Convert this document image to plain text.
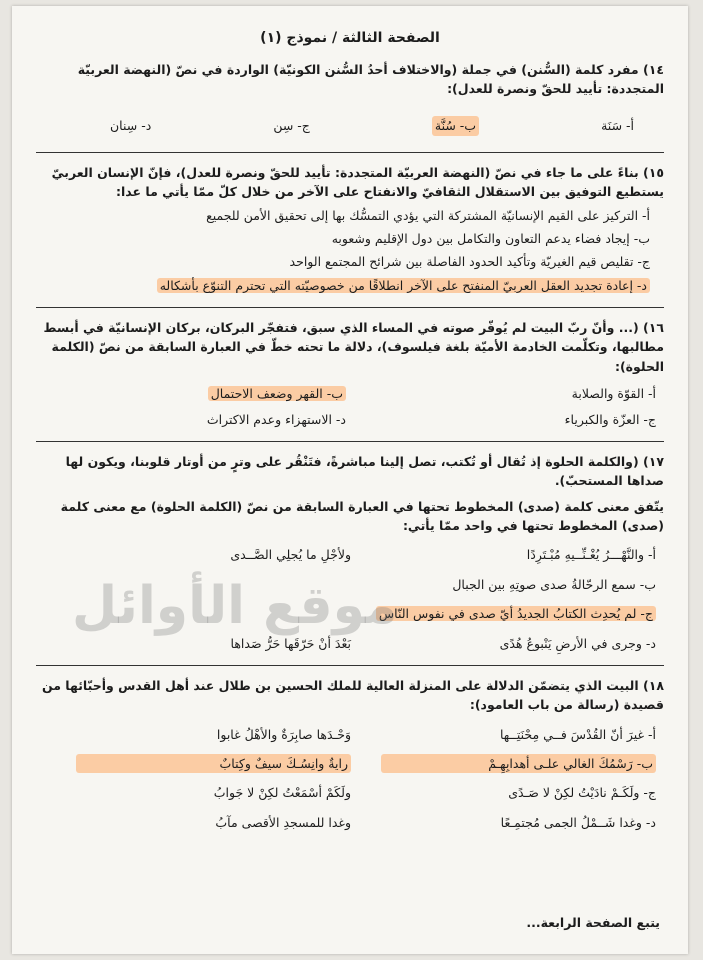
الصفحة الثالثة / نموذج (١)

١٤) مفرد كلمة (السُّنن) في جملة (والاختلاف أحدُ السُّنن الكونيّة) الواردة في نصّ (النهضة العربيّة المتجددة: تأييد للحقّ ونصرة للعدل):

أ- سَنَة
ب- سُنَّة
ج- سِن
د- سِنان

١٥) بناءً على ما جاء في نصّ (النهضة العربيّة المتجددة: تأييد للحقّ ونصرة للعدل)، فإنّ الإنسان العربيّ يستطيع التوفيق بين الاستقلال الثقافيّ والانفتاح على الآخر من خلال كلّ ممّا يأتي ما عدا:

أ- التركيز على القيم الإنسانيّة المشتركة التي يؤدي التمسُّك بها إلى تحقيق الأمن للجميع
ب- إيجاد فضاء يدعم التعاون والتكامل بين دول الإقليم وشعوبه
ج- تقليص قيم الغيريّة وتأكيد الحدود الفاصلة بين شرائح المجتمع الواحد
د- إعادة تجديد العقل العربيّ المنفتح على الآخر انطلاقًا من خصوصيّته التي تحترم التنوّع بأشكاله

١٦) (... وأنّ ربّ البيت لم يُوفّر صوته في المساء الذي سبق، فتفجّر البركان، بركان الإنسانيّة في أبسط مطالبها، وتكلّمت الخادمة الأميّة بلغة فيلسوف)، دلالة ما تحته خطّ في العبارة السابقة من نصّ (الكلمة الحلوة):

أ- القوّة والصلابة
ب- القهر وضعف الاحتمال
ج- العزّة والكبرياء
د- الاستهزاء وعدم الاكتراث

١٧) (والكلمة الحلوة إذ تُقال أو تُكتب، تصل إلينا مباشرةً، فتَنْقُر على وترٍ من أوتار قلوبنا، ويكون لها صداها المستحبّ).

يتّفق معنى كلمة (صدى) المخطوط تحتها في العبارة السابقة من نصّ (الكلمة الحلوة) مع معنى كلمة (صدى) المخطوط تحتها في واحد ممّا يأتي:

أ- والنَّهْـــرُ يُغْـنِّــيهِ مُبْـتَرِدًا
ولأجْلِ ما يُجلِي الصَّــدى
ب- سمع الرحّالةُ صدى صوتِهِ بين الجبال
ج- لم يُحدِث الكتابُ الجديدُ أيّ صدى في نفوس النّاس
د- وجرى في الأرضِ يَنْبوعُ هُدًى
بَعْدَ أنْ حَرّقَها حَرُّ صَداها

١٨) البيت الذي يتضمّن الدلالة على المنزلة العالية للملك الحسين بن طلال عند أهل القدس وأحبّائها من قصيدة (رسالة من باب العامود):

أ- غيرَ أنّ القُدْسَ فــي مِحْنَتِــها
وَحْـدَها صابِرَةٌ والأهْلُ غابوا
ب- رَسْمُكَ الغالي علـى أهدابِهِـمْ
رايةٌ وانِسُـكَ سيفٌ وكِتابٌ
ج- ولَكَـمْ نادَيْتُ لكِنْ لا صَـدًى
ولَكَمْ أسْمَعْتُ لكِنْ لا جَوابُ
د- وغدا شَــمْلُ الجمى مُجتمِـعًا
وغدا للمسجدِ الأقصى مآبُ
موقع الأوائل
يتبع الصفحة الرابعة...
